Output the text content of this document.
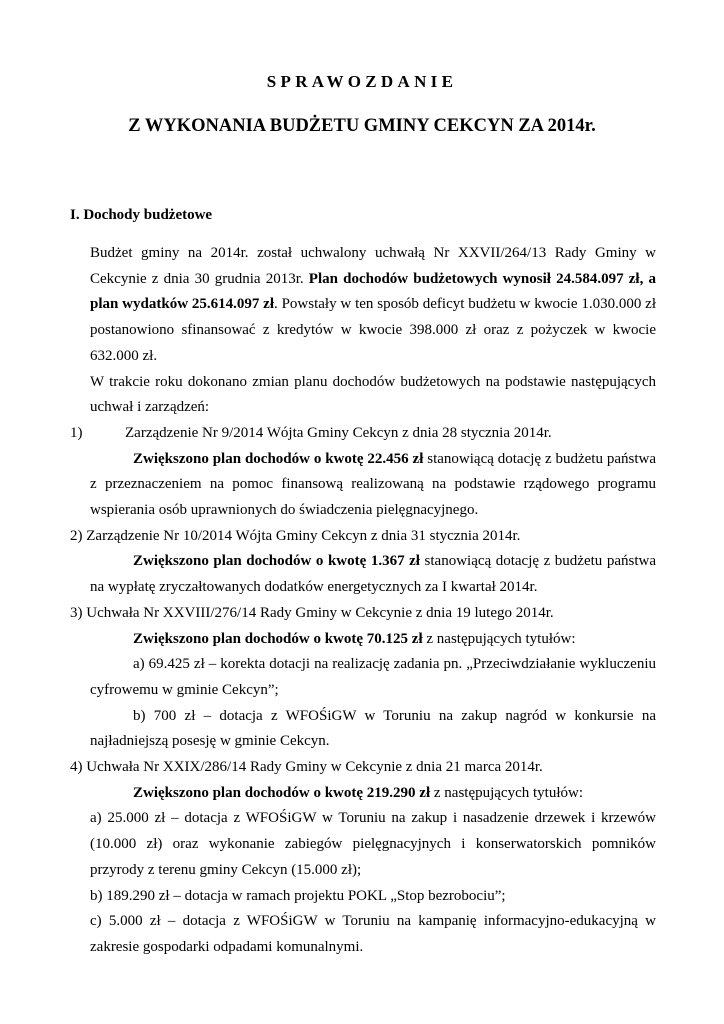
SPRAWOZDANIE
Z WYKONANIA BUDŻETU GMINY CEKCYN ZA 2014r.
I. Dochody budżetowe

Budżet gminy na 2014r. został uchwalony uchwałą Nr XXVII/264/13 Rady Gminy w Cekcynie z dnia 30 grudnia 2013r. Plan dochodów budżetowych wynosił 24.584.097 zł, a plan wydatków 25.614.097 zł. Powstały w ten sposób deficyt budżetu w kwocie 1.030.000 zł postanowiono sfinansować z kredytów w kwocie 398.000 zł oraz z pożyczek w kwocie 632.000 zł.

W trakcie roku dokonano zmian planu dochodów budżetowych na podstawie następujących uchwał i zarządzeń:

1)	Zarządzenie Nr 9/2014 Wójta Gminy Cekcyn z dnia 28 stycznia 2014r.

Zwiększono plan dochodów o kwotę 22.456 zł stanowiącą dotację z budżetu państwa z przeznaczeniem na pomoc finansową realizowaną na podstawie rządowego programu wspierania osób uprawnionych do świadczenia pielęgnacyjnego.

2) Zarządzenie Nr 10/2014 Wójta Gminy Cekcyn z dnia 31 stycznia 2014r.

Zwiększono plan dochodów o kwotę 1.367 zł stanowiącą dotację z budżetu państwa na wypłatę zryczałtowanych dodatków energetycznych za I kwartał 2014r.

3) Uchwała Nr XXVIII/276/14 Rady Gminy w Cekcynie z dnia 19 lutego 2014r.

Zwiększono plan dochodów o kwotę 70.125 zł z następujących tytułów:

a) 69.425 zł – korekta dotacji na realizację zadania pn. „Przeciwdziałanie wykluczeniu cyfrowemu w gminie Cekcyn”;

b) 700 zł – dotacja z WFOŚiGW w Toruniu na zakup nagród w konkursie na najładniejszą posesję w gminie Cekcyn.

4) Uchwała Nr XXIX/286/14 Rady Gminy w Cekcynie z dnia 21 marca 2014r.

Zwiększono plan dochodów o kwotę 219.290 zł z następujących tytułów:

a) 25.000 zł – dotacja z WFOŚiGW w Toruniu na zakup i nasadzenie drzewek i krzewów (10.000 zł) oraz wykonanie zabiegów pielęgnacyjnych i konserwatorskich pomników przyrody z terenu gminy Cekcyn (15.000 zł);

b) 189.290 zł – dotacja w ramach projektu POKL „Stop bezrobociu”;

c) 5.000 zł – dotacja z WFOŚiGW w Toruniu na kampanię informacyjno-edukacyjną w zakresie gospodarki odpadami komunalnymi.
